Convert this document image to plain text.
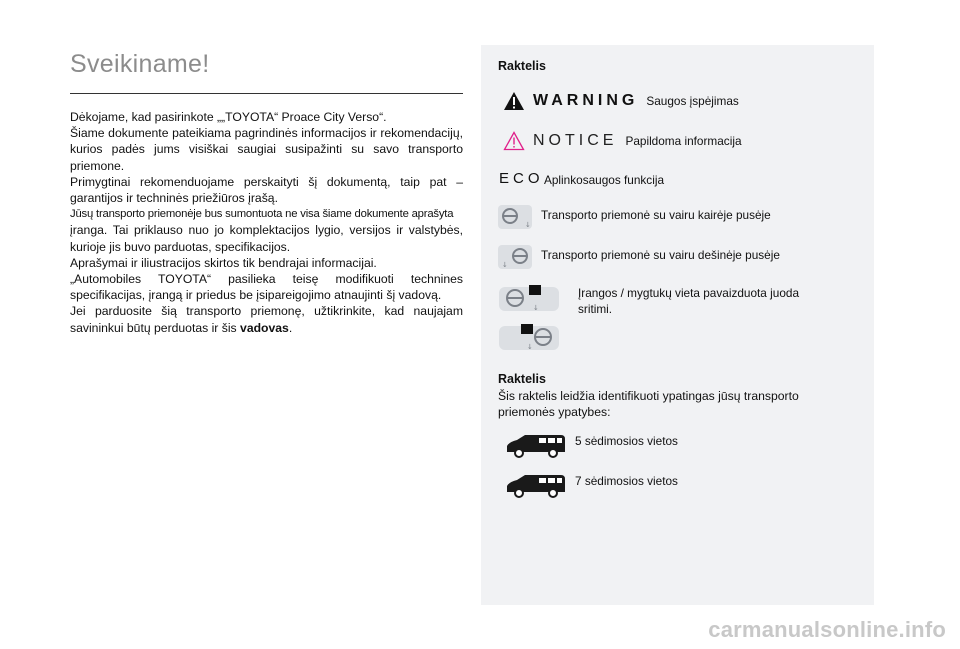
Sveikiname!

Dėkojame, kad pasirinkote „„TOYOTA“ Proace City Verso“.

Šiame dokumente pateikiama pagrindinės informacijos ir rekomendacijų, kurios padės jums visiškai saugiai susipažinti su savo transporto priemone.

Primygtinai rekomenduojame perskaityti šį dokumentą, taip pat – garantijos ir techninės priežiūros įrašą.

Jūsų transporto priemonėje bus sumontuota ne visa šiame dokumente aprašyta

įranga. Tai priklauso nuo jo komplektacijos lygio, versijos ir valstybės, kurioje jis buvo parduotas, specifikacijos.

Aprašymai ir iliustracijos skirtos tik bendrajai informacijai.

„Automobiles TOYOTA“ pasilieka teisę modifikuoti technines specifikacijas, įrangą ir priedus be įsipareigojimo atnaujinti šį vadovą.

Jei parduosite šią transporto priemonę, užtikrinkite, kad naujajam savininkui būtų perduotas ir šis vadovas.

Raktelis
WARNING Saugos įspėjimas
NOTICE Papildoma informacija
ECO Aplinkosaugos funkcija
↓
Transporto priemonė su vairu kairėje pusėje
↓
Transporto priemonė su vairu dešinėje pusėje
↓
Įrangos / mygtukų vieta pavaizduota juoda sritimi.
↓
Raktelis
Šis raktelis leidžia identifikuoti ypatingas jūsų transporto priemonės ypatybes:
5 sėdimosios vietos
7 sėdimosios vietos
carmanualsonline.info
